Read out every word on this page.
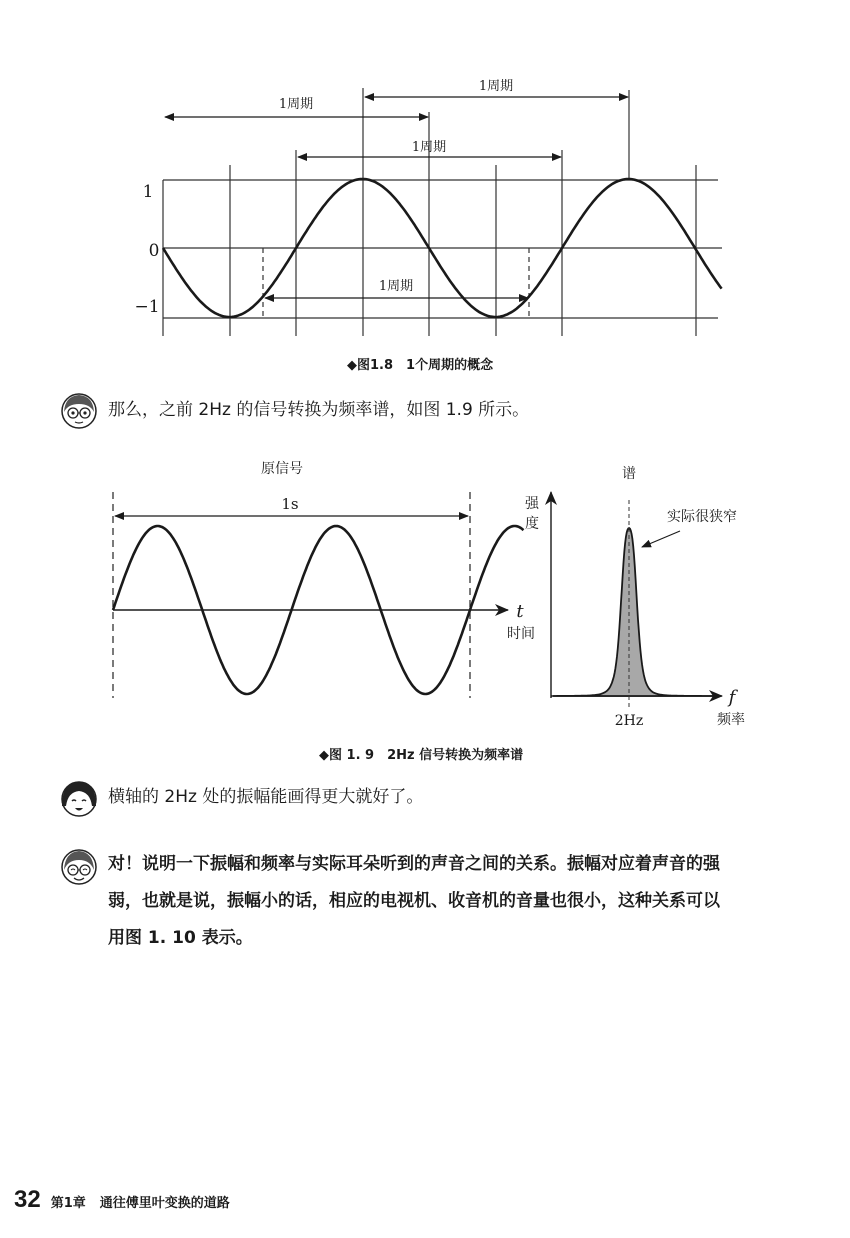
1周期
1周期
1周期
1周期
1
0
−1
◆图1.8　1个周期的概念
那么，之前 2Hz 的信号转换为频率谱，如图 1.9 所示。
原信号
1s
t
时间
谱
强
度	实际很狭窄
2Hz
f
频率
◆图 1. 9　2Hz 信号转换为频率谱
横轴的 2Hz 处的振幅能画得更大就好了。
对！说明一下振幅和频率与实际耳朵听到的声音之间的关系。振幅对应着声音的强
弱，也就是说，振幅小的话，相应的电视机、收音机的音量也很小，这种关系可以
用图 1. 10 表示。
32 第1章 通往傅里叶变换的道路
